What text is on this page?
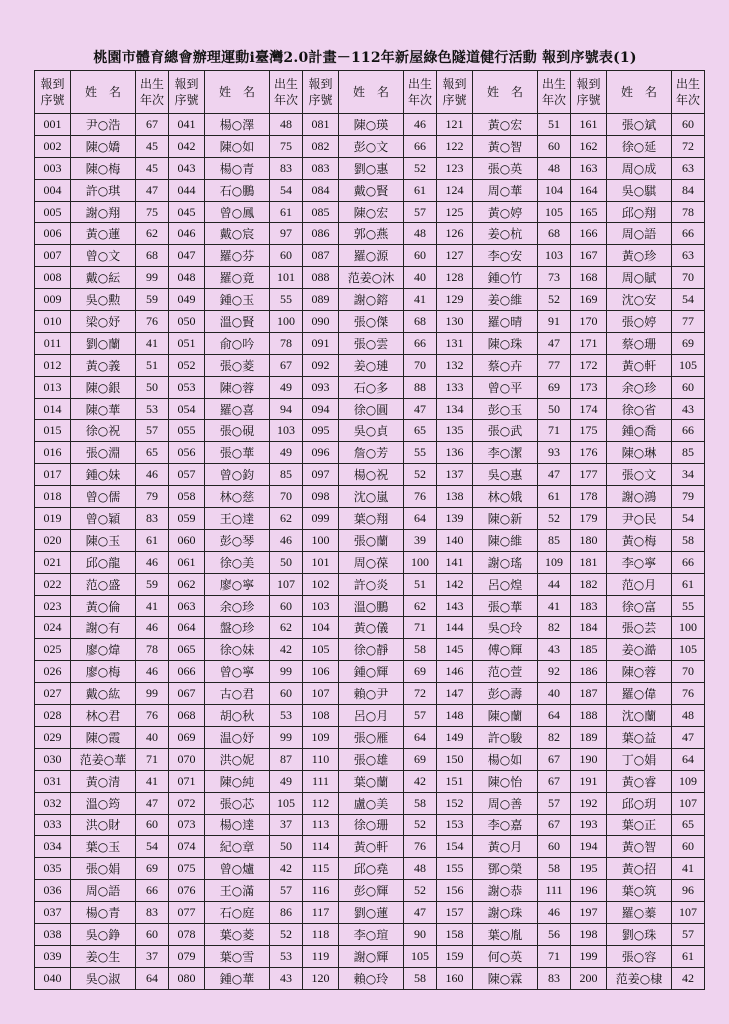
桃園市體育總會辦理運動i臺灣2.0計畫－112年新屋綠色隧道健行活動 報到序號表(1)
報到
序號	姓　名	出生
年次	報到
序號	姓　名	出生
年次	報到
序號	姓　名	出生
年次	報到
序號	姓　名	出生
年次	報到
序號	姓　名	出生
年次
001	尹○浩	67	041	楊○澤	48	081	陳○瑛	46	121	黃○宏	51	161	張○斌	60
002	陳○嬌	45	042	陳○如	75	082	彭○文	66	122	黃○智	60	162	徐○延	72
003	陳○梅	45	043	楊○青	83	083	劉○惠	52	123	張○英	48	163	周○成	63
004	許○琪	47	044	石○鵬	54	084	戴○賢	61	124	周○華	104	164	吳○騏	84
005	謝○翔	75	045	曾○鳳	61	085	陳○宏	57	125	黃○婷	105	165	邱○翔	78
006	黃○蓮	62	046	戴○宸	97	086	郭○燕	48	126	姜○杭	68	166	周○語	66
007	曾○文	68	047	羅○芬	60	087	羅○源	60	127	李○安	103	167	黃○珍	63
008	戴○紜	99	048	羅○竟	101	088	范姜○沐	40	128	鍾○竹	73	168	周○賦	70
009	吳○勲	59	049	鍾○玉	55	089	謝○鎔	41	129	姜○維	52	169	沈○安	54
010	梁○妤	76	050	溫○賢	100	090	張○傑	68	130	羅○晴	91	170	張○婷	77
011	劉○蘭	41	051	俞○吟	78	091	張○雲	66	131	陳○珠	47	171	蔡○珊	69
012	黃○義	51	052	張○菱	67	092	姜○璉	70	132	蔡○卉	77	172	黃○軒	105
013	陳○銀	50	053	陳○蓉	49	093	石○多	88	133	曾○平	69	173	余○珍	60
014	陳○華	53	054	羅○喜	94	094	徐○圓	47	134	彭○玉	50	174	徐○省	43
015	徐○祝	57	055	張○硯	103	095	吳○貞	65	135	張○武	71	175	鍾○喬	66
016	張○淵	65	056	張○華	49	096	詹○芳	55	136	李○潔	93	176	陳○琳	85
017	鍾○妹	46	057	曾○鈞	85	097	楊○祝	52	137	吳○惠	47	177	張○文	34
018	曾○儒	79	058	林○慈	70	098	沈○嵐	76	138	林○娥	61	178	謝○鴻	79
019	曾○穎	83	059	王○達	62	099	葉○翔	64	139	陳○新	52	179	尹○民	54
020	陳○玉	61	060	彭○琴	46	100	張○蘭	39	140	陳○維	85	180	黃○梅	58
021	邱○龍	46	061	徐○美	50	101	周○葆	100	141	謝○瑤	109	181	李○寧	66
022	范○盛	59	062	廖○寧	107	102	許○炎	51	142	呂○煌	44	182	范○月	61
023	黃○倫	41	063	余○珍	60	103	溫○鵬	62	143	張○華	41	183	徐○富	55
024	謝○有	46	064	盤○珍	62	104	黃○儀	71	144	吳○玲	82	184	張○芸	100
025	廖○煒	78	065	徐○妹	42	105	徐○靜	58	145	傅○輝	43	185	姜○澔	105
026	廖○梅	46	066	曾○寧	99	106	鍾○輝	69	146	范○萱	92	186	陳○蓉	70
027	戴○紘	99	067	古○君	60	107	賴○尹	72	147	彭○壽	40	187	羅○偉	76
028	林○君	76	068	胡○秋	53	108	呂○月	57	148	陳○蘭	64	188	沈○蘭	48
029	陳○霞	40	069	温○妤	99	109	張○雁	64	149	許○駿	82	189	葉○益	47
030	范姜○華	71	070	洪○妮	87	110	張○雄	69	150	楊○如	67	190	丁○娟	64
031	黃○清	41	071	陳○純	49	111	葉○蘭	42	151	陳○怡	67	191	黃○睿	109
032	溫○筠	47	072	張○芯	105	112	盧○美	58	152	周○善	57	192	邱○玥	107
033	洪○財	60	073	楊○達	37	113	徐○珊	52	153	李○嘉	67	193	葉○正	65
034	葉○玉	54	074	紀○章	50	114	黃○軒	76	154	黃○月	60	194	黃○智	60
035	張○娟	69	075	曾○爐	42	115	邱○堯	48	155	鄧○榮	58	195	黃○招	41
036	周○語	66	076	王○滿	57	116	彭○輝	52	156	謝○恭	111	196	葉○筑	96
037	楊○青	83	077	石○庭	86	117	劉○蓮	47	157	謝○珠	46	197	羅○蓁	107
038	吳○錚	60	078	葉○菱	52	118	李○瑄	90	158	葉○胤	56	198	劉○珠	57
039	姜○生	37	079	葉○雪	53	119	謝○輝	105	159	何○英	71	199	張○容	61
040	吳○淑	64	080	鍾○華	43	120	賴○玲	58	160	陳○霖	83	200	范姜○棣	42
